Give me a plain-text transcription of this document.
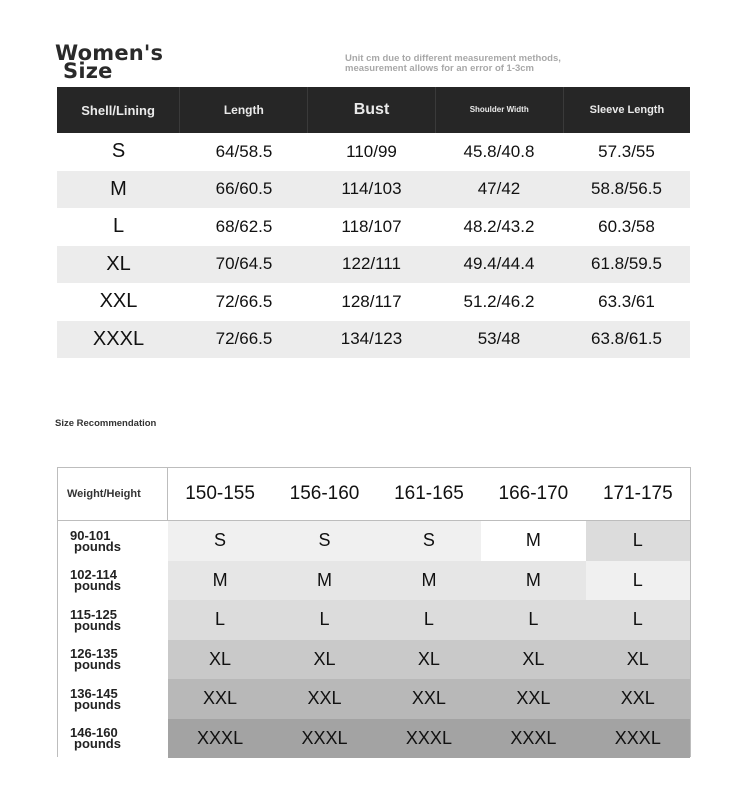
Women's
Size
Unit cm due to different measurement methods,
measurement allows for an error of 1-3cm
Shell/Lining	Length	Bust	Shoulder Width	Sleeve Length
S	64/58.5	110/99	45.8/40.8	57.3/55
M	66/60.5	114/103	47/42	58.8/56.5
L	68/62.5	118/107	48.2/43.2	60.3/58
XL	70/64.5	122/111	49.4/44.4	61.8/59.5
XXL	72/66.5	128/117	51.2/46.2	63.3/61
XXXL	72/66.5	134/123	53/48	63.8/61.5
Size Recommendation
Weight/Height	150-155	156-160	161-165	166-170	171-175
90-101
pounds	S	S	S	M	L
102-114
pounds	M	M	M	M	L
115-125
pounds	L	L	L	L	L
126-135
pounds	XL	XL	XL	XL	XL
136-145
pounds	XXL	XXL	XXL	XXL	XXL
146-160
pounds	XXXL	XXXL	XXXL	XXXL	XXXL
